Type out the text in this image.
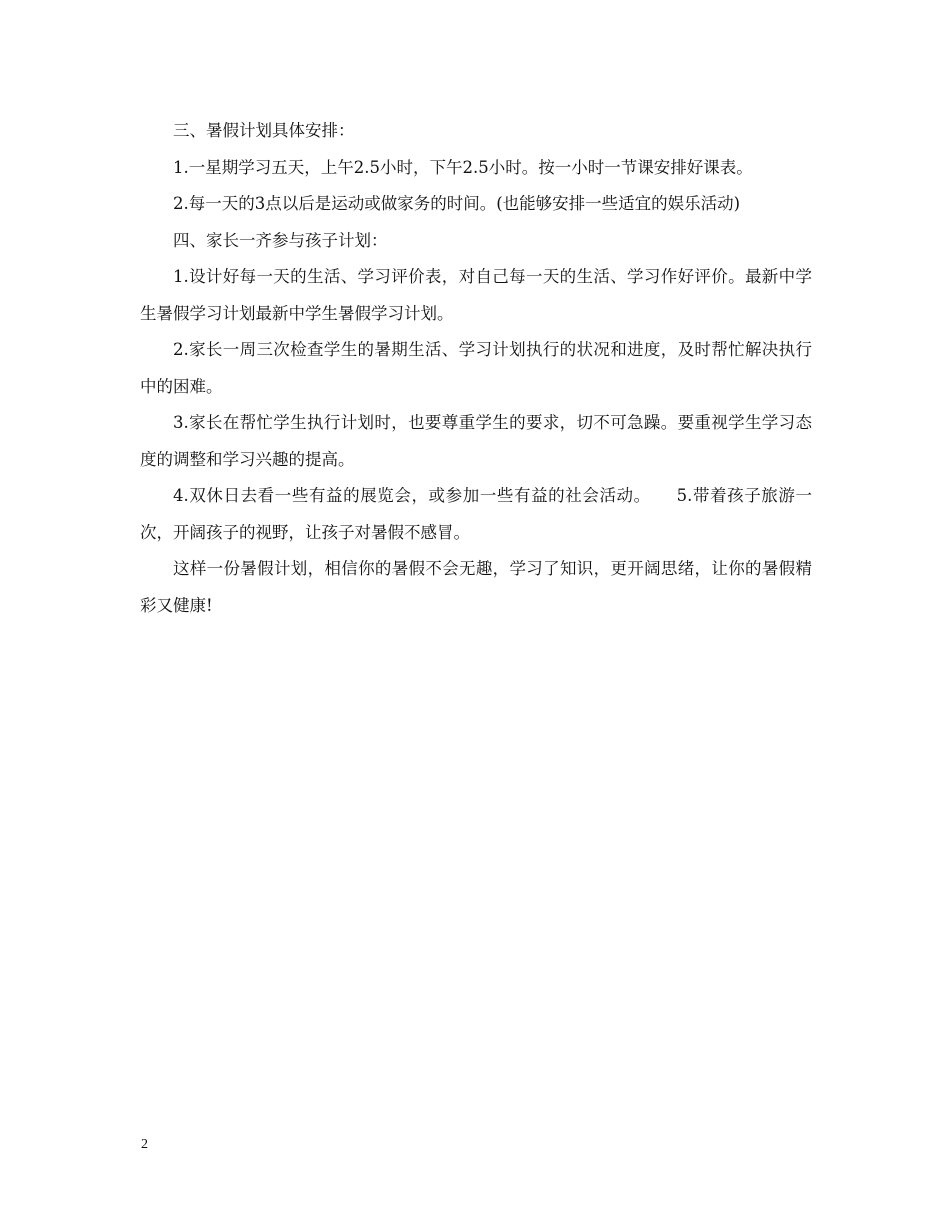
三、暑假计划具体安排：

1.一星期学习五天，上午2.5小时，下午2.5小时。按一小时一节课安排好课表。

2.每一天的3点以后是运动或做家务的时间。(也能够安排一些适宜的娱乐活动)

四、家长一齐参与孩子计划：

1.设计好每一天的生活、学习评价表，对自己每一天的生活、学习作好评价。最新中学生暑假学习计划最新中学生暑假学习计划。

2.家长一周三次检查学生的暑期生活、学习计划执行的状况和进度，及时帮忙解决执行中的困难。

3.家长在帮忙学生执行计划时，也要尊重学生的要求，切不可急躁。要重视学生学习态度的调整和学习兴趣的提高。

4.双休日去看一些有益的展览会，或参加一些有益的社会活动。　　5.带着孩子旅游一次，开阔孩子的视野，让孩子对暑假不感冒。

这样一份暑假计划，相信你的暑假不会无趣，学习了知识，更开阔思绪，让你的暑假精彩又健康!

2
